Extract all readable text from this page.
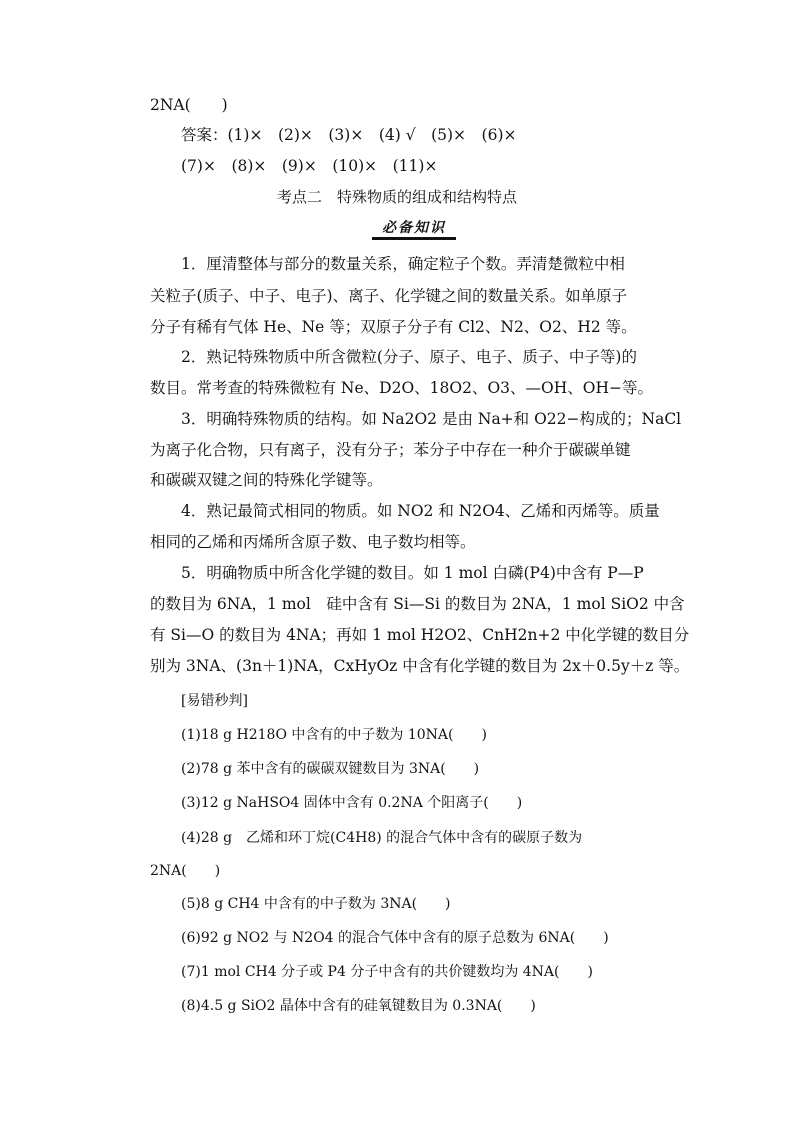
2NA(　　)
答案：(1)×　(2)×　(3)×　(4) √　(5)×　(6)×
(7)×　(8)×　(9)×　(10)×　(11)×
考点二　特殊物质的组成和结构特点
必备知识
1．厘清整体与部分的数量关系，确定粒子个数。弄清楚微粒中相
关粒子(质子、中子、电子)、离子、化学键之间的数量关系。如单原子
分子有稀有气体 He、Ne 等；双原子分子有 Cl2、N2、O2、H2 等。
2．熟记特殊物质中所含微粒(分子、原子、电子、质子、中子等)的
数目。常考查的特殊微粒有 Ne、D2O、18O2、O3、—OH、OH−等。
3．明确特殊物质的结构。如 Na2O2 是由 Na+和 O22−构成的；NaCl
为离子化合物，只有离子，没有分子；苯分子中存在一种介于碳碳单键
和碳碳双键之间的特殊化学键等。
4．熟记最简式相同的物质。如 NO2 和 N2O4、乙烯和丙烯等。质量
相同的乙烯和丙烯所含原子数、电子数均相等。
5．明确物质中所含化学键的数目。如 1 mol 白磷(P4)中含有 P—P
的数目为 6NA，1 mol　硅中含有 Si—Si 的数目为 2NA，1 mol SiO2 中含
有 Si—O 的数目为 4NA；再如 1 mol H2O2、CnH2n+2 中化学键的数目分
别为 3NA、(3n＋1)NA，CxHyOz 中含有化学键的数目为 2x＋0.5y＋z 等。
[易错秒判]
(1)18 g H218O 中含有的中子数为 10NA(　　)
(2)78 g 苯中含有的碳碳双键数目为 3NA(　　)
(3)12 g NaHSO4 固体中含有 0.2NA 个阳离子(　　)
(4)28 g　乙烯和环丁烷(C4H8) 的混合气体中含有的碳原子数为
2NA(　　)
(5)8 g CH4 中含有的中子数为 3NA(　　)
(6)92 g NO2 与 N2O4 的混合气体中含有的原子总数为 6NA(　　)
(7)1 mol CH4 分子或 P4 分子中含有的共价键数均为 4NA(　　)
(8)4.5 g SiO2 晶体中含有的硅氧键数目为 0.3NA(　　)
